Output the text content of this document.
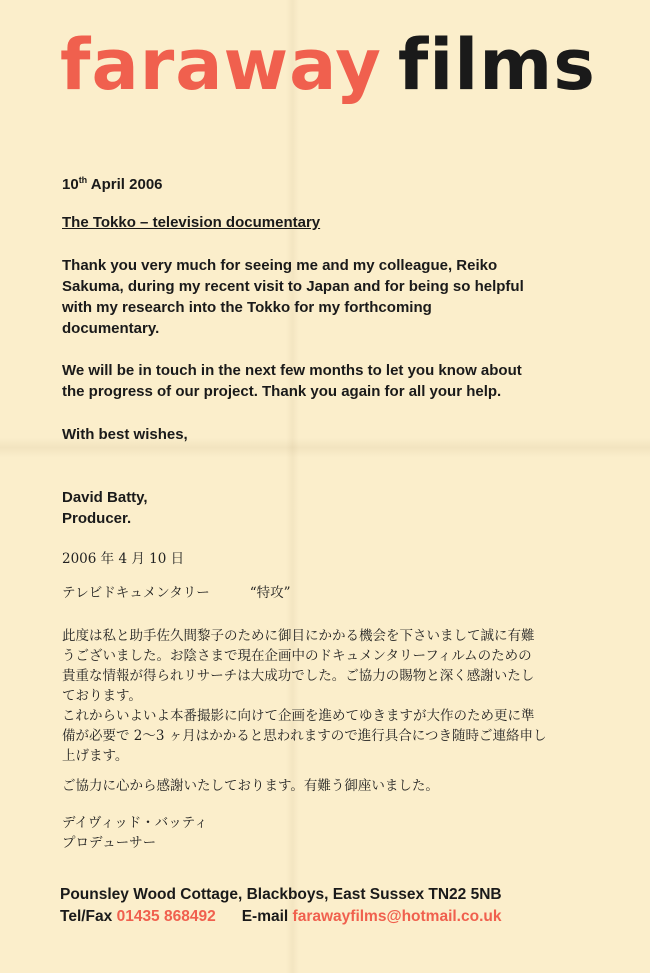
faraway films
10th April 2006
The Tokko – television documentary
Thank you very much for seeing me and my colleague, Reiko
Sakuma, during my recent visit to Japan and for being so helpful
with my research into the Tokko for my forthcoming
documentary.
We will be in touch in the next few months to let you know about
the progress of our project. Thank you again for all your help.
With best wishes,
David Batty,
Producer.
2006 年 4 月 10 日
テレビドキュメンタリー	“特攻”
此度は私と助手佐久間黎子のために御目にかかる機会を下さいまして誠に有難
うございました。お陰さまで現在企画中のドキュメンタリーフィルムのための
貴重な情報が得られリサーチは大成功でした。ご協力の賜物と深く感謝いたし
ております。
これからいよいよ本番撮影に向けて企画を進めてゆきますが大作のため更に準
備が必要で 2～3 ヶ月はかかると思われますので進行具合につき随時ご連絡申し
上げます。
ご協力に心から感謝いたしております。有難う御座いました。
デイヴィッド・バッティ
プロデューサー
Pounsley Wood Cottage, Blackboys, East Sussex TN22 5NB
Tel/Fax 01435 868492 E-mail farawayfilms@hotmail.co.uk
